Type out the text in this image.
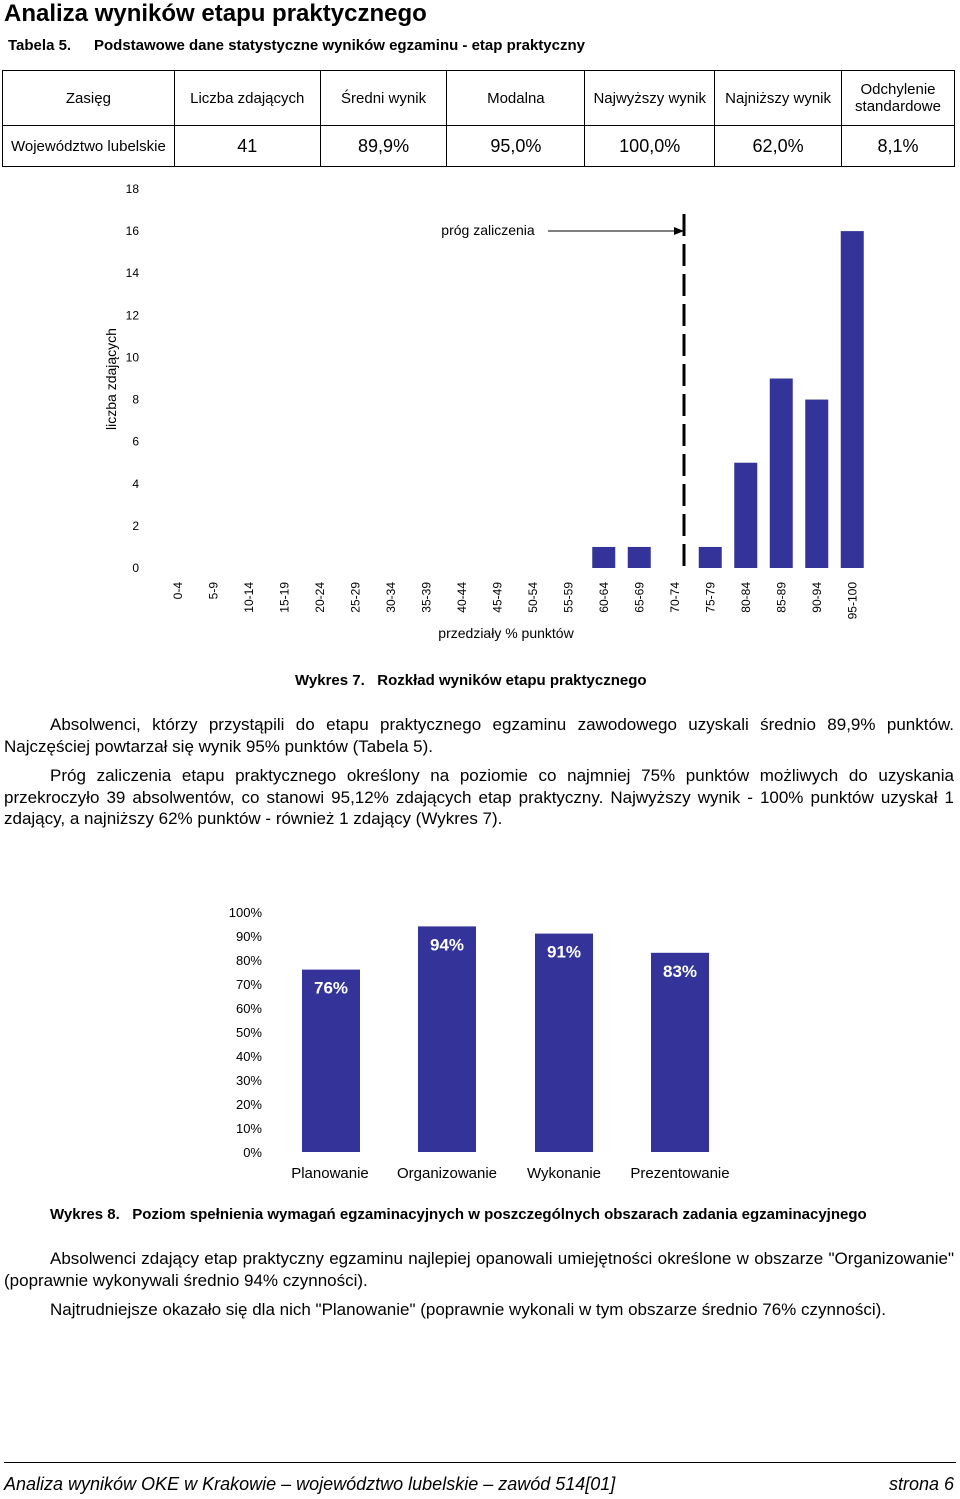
Analiza wyników etapu praktycznego
Tabela 5. Podstawowe dane statystyczne wyników egzaminu - etap praktyczny
Zasięg	Liczba zdających	Średni wynik	Modalna	Najwyższy wynik	Najniższy wynik	Odchylenie standardowe
Województwo lubelskie	41	89,9%	95,0%	100,0%	62,0%	8,1%
0
2
4
6
8
10
12
14
16
18
0-4 5-9 10-14 15-19 20-24 25-29 30-34 35-39 40-44 45-49 50-54 55-59 60-64 65-69 70-74 75-79 80-84 85-89 90-94 95-100
próg zaliczenia
liczba zdających
przedziały % punktów
Wykres 7. Rozkład wyników etapu praktycznego

Absolwenci, którzy przystąpili do etapu praktycznego egzaminu zawodowego uzyskali średnio 89,9% punktów. Najczęściej powtarzał się wynik 95% punktów (Tabela 5).

Próg zaliczenia etapu praktycznego określony na poziomie co najmniej 75% punktów możliwych do uzyskania przekroczyło 39 absolwentów, co stanowi 95,12% zdających etap praktyczny. Najwyższy wynik - 100% punktów uzyskał 1 zdający, a najniższy 62% punktów - również 1 zdający (Wykres 7).

0%
10%
20%
30%
40%
50%
60%
70%
80%
90%
100%
76%
Planowanie
94%
Organizowanie
91%
Wykonanie
83%
Prezentowanie
Wykres 8. Poziom spełnienia wymagań egzaminacyjnych w poszczególnych obszarach zadania egzaminacyjnego

Absolwenci zdający etap praktyczny egzaminu najlepiej opanowali umiejętności określone w obszarze "Organizowanie" (poprawnie wykonywali średnio 94% czynności).

Najtrudniejsze okazało się dla nich "Planowanie" (poprawnie wykonali w tym obszarze średnio 76% czynności).

Analiza wyników OKE w Krakowie – województwo lubelskie – zawód 514[01]	strona 6
